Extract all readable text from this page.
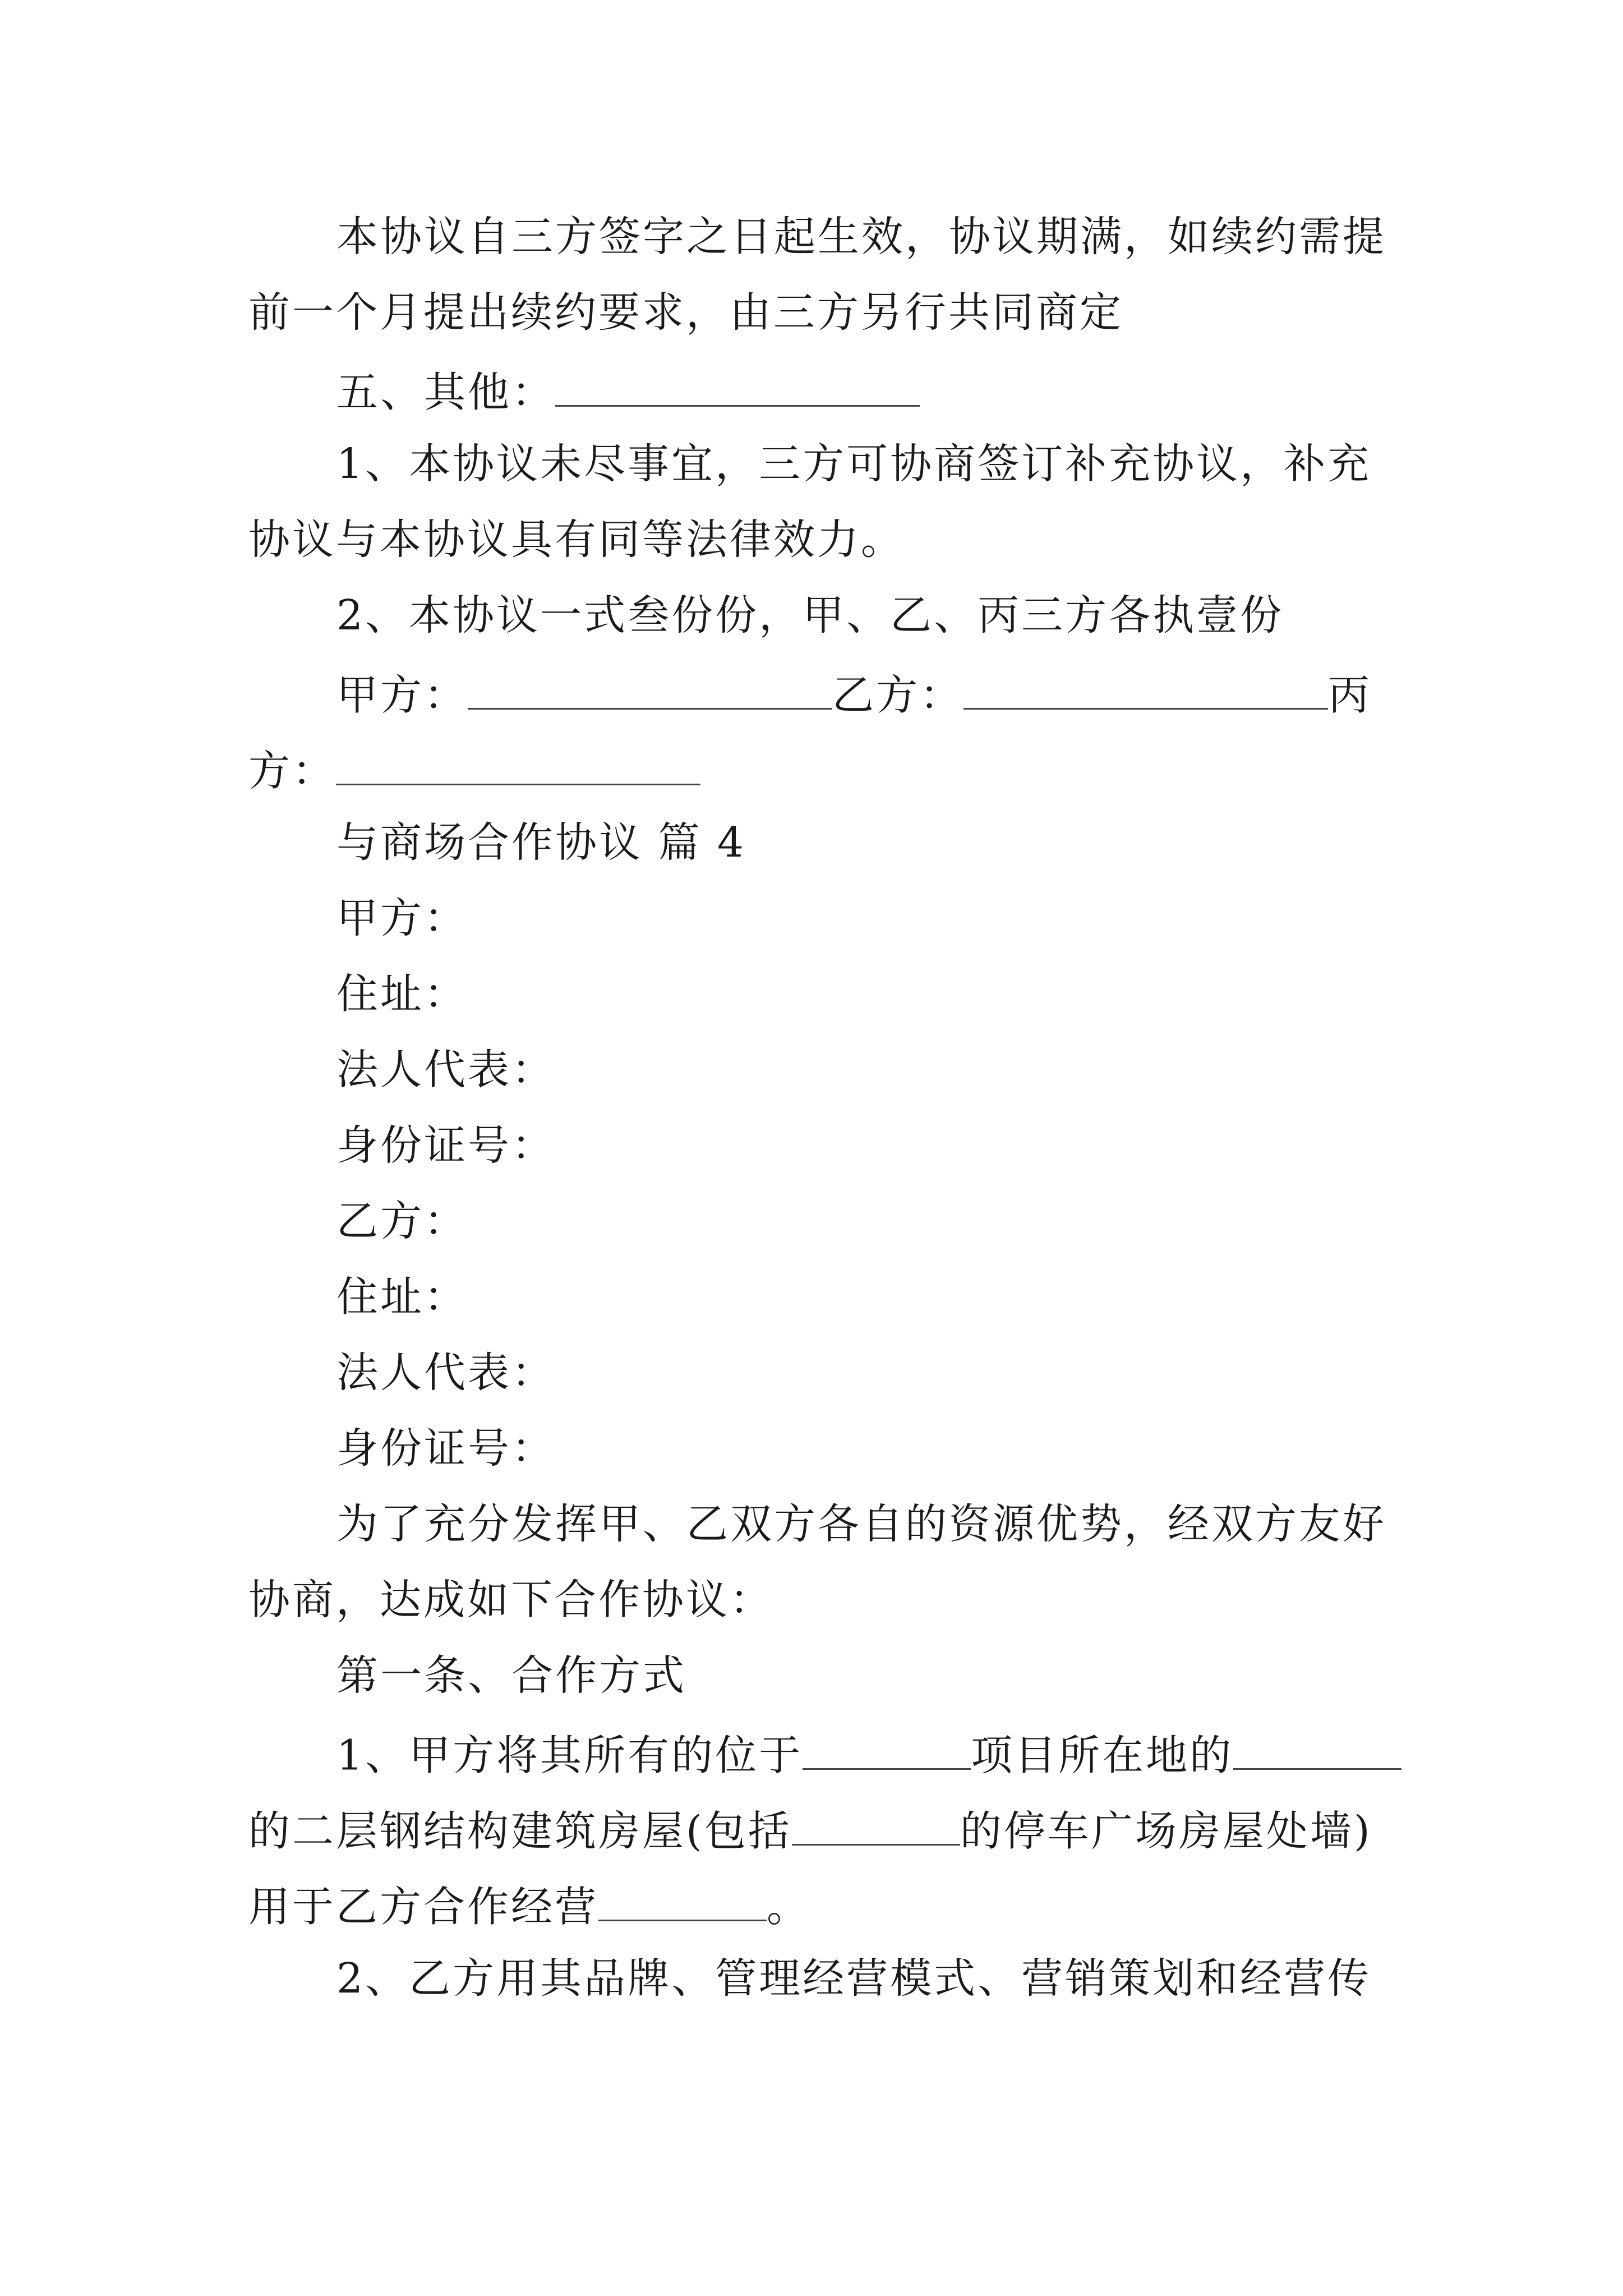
本协议自三方签字之日起生效，协议期满，如续约需提
前一个月提出续约要求，由三方另行共同商定
五、其他：
1、本协议未尽事宜，三方可协商签订补充协议，补充
协议与本协议具有同等法律效力。
2、本协议一式叁份份，甲、乙、丙三方各执壹份
甲方：	乙方：	丙
方：
与商场合作协议 篇 4
甲方：
住址：
法人代表：
身份证号：
乙方：
住址：
法人代表：
身份证号：
为了充分发挥甲、乙双方各自的资源优势，经双方友好
协商，达成如下合作协议：
第一条、合作方式
1、甲方将其所有的位于	项目所在地的
的二层钢结构建筑房屋(包括	的停车广场房屋处墙)
用于乙方合作经营	。
2、乙方用其品牌、管理经营模式、营销策划和经营传
